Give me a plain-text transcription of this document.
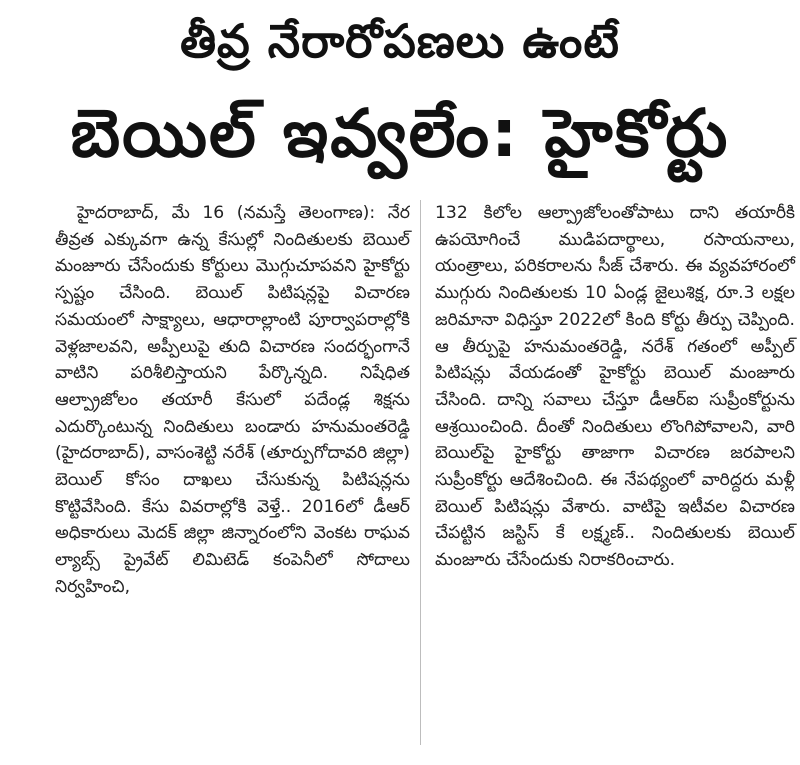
తీవ్ర నేరారోపణలు ఉంటే
బెయిల్ ఇవ్వలేం: హైకోర్టు

హైదరాబాద్, మే 16 (నమస్తే తెలంగాణ): నేర తీవ్రత ఎక్కువగా ఉన్న కేసుల్లో నిందితులకు బెయిల్ మంజూరు చేసేందుకు కోర్టులు మొగ్గుచూపవని హైకోర్టు స్పష్టం చేసింది. బెయిల్ పిటిషన్లపై విచారణ సమయంలో సాక్ష్యాలు, ఆధారాల్లాంటి పూర్వాపరాల్లోకి వెళ్లజాలవని, అప్పీలుపై తుది విచారణ సందర్భంగానే వాటిని పరిశీలిస్తాయని పేర్కొన్నది. నిషేధిత ఆల్ప్రాజోలం తయారీ కేసులో పదేండ్ల శిక్షను ఎదుర్కొంటున్న నిందితులు బండారు హనుమంతరెడ్డి (హైదరాబాద్), వాసంశెట్టి నరేశ్ (తూర్పుగోదావరి జిల్లా) బెయిల్ కోసం దాఖలు చేసుకున్న పిటిషన్లను కొట్టివేసింది. కేసు వివరాల్లోకి వెళ్తే.. 2016లో డీఆర్ అధికారులు మెదక్ జిల్లా జిన్నారంలోని వెంకట రాఘవ ల్యాబ్స్ ప్రైవేట్ లిమిటెడ్ కంపెనీలో సోదాలు నిర్వహించి,

132 కిలోల ఆల్ప్రాజోలంతోపాటు దాని తయారీకి ఉపయోగించే ముడిపదార్థాలు, రసాయనాలు, యంత్రాలు, పరికరాలను సీజ్ చేశారు. ఈ వ్యవహారంలో ముగ్గురు నిందితులకు 10 ఏండ్ల జైలుశిక్ష, రూ.3 లక్షల జరిమానా విధిస్తూ 2022లో కింది కోర్టు తీర్పు చెప్పింది. ఆ తీర్పుపై హనుమంతరెడ్డి, నరేశ్ గతంలో అప్పీల్ పిటిషన్లు వేయడంతో హైకోర్టు బెయిల్ మంజూరు చేసింది. దాన్ని సవాలు చేస్తూ డీఆర్ఐ సుప్రీంకోర్టును ఆశ్రయించింది. దీంతో నిందితులు లొంగిపోవాలని, వారి బెయిల్‌పై హైకోర్టు తాజాగా విచారణ జరపాలని సుప్రీంకోర్టు ఆదేశించింది. ఈ నేపథ్యంలో వారిద్దరు మళ్లీ బెయిల్ పిటిషన్లు వేశారు. వాటిపై ఇటీవల విచారణ చేపట్టిన జస్టిస్ కే లక్ష్మణ్.. నిందితులకు బెయిల్ మంజూరు చేసేందుకు నిరాకరించారు.
